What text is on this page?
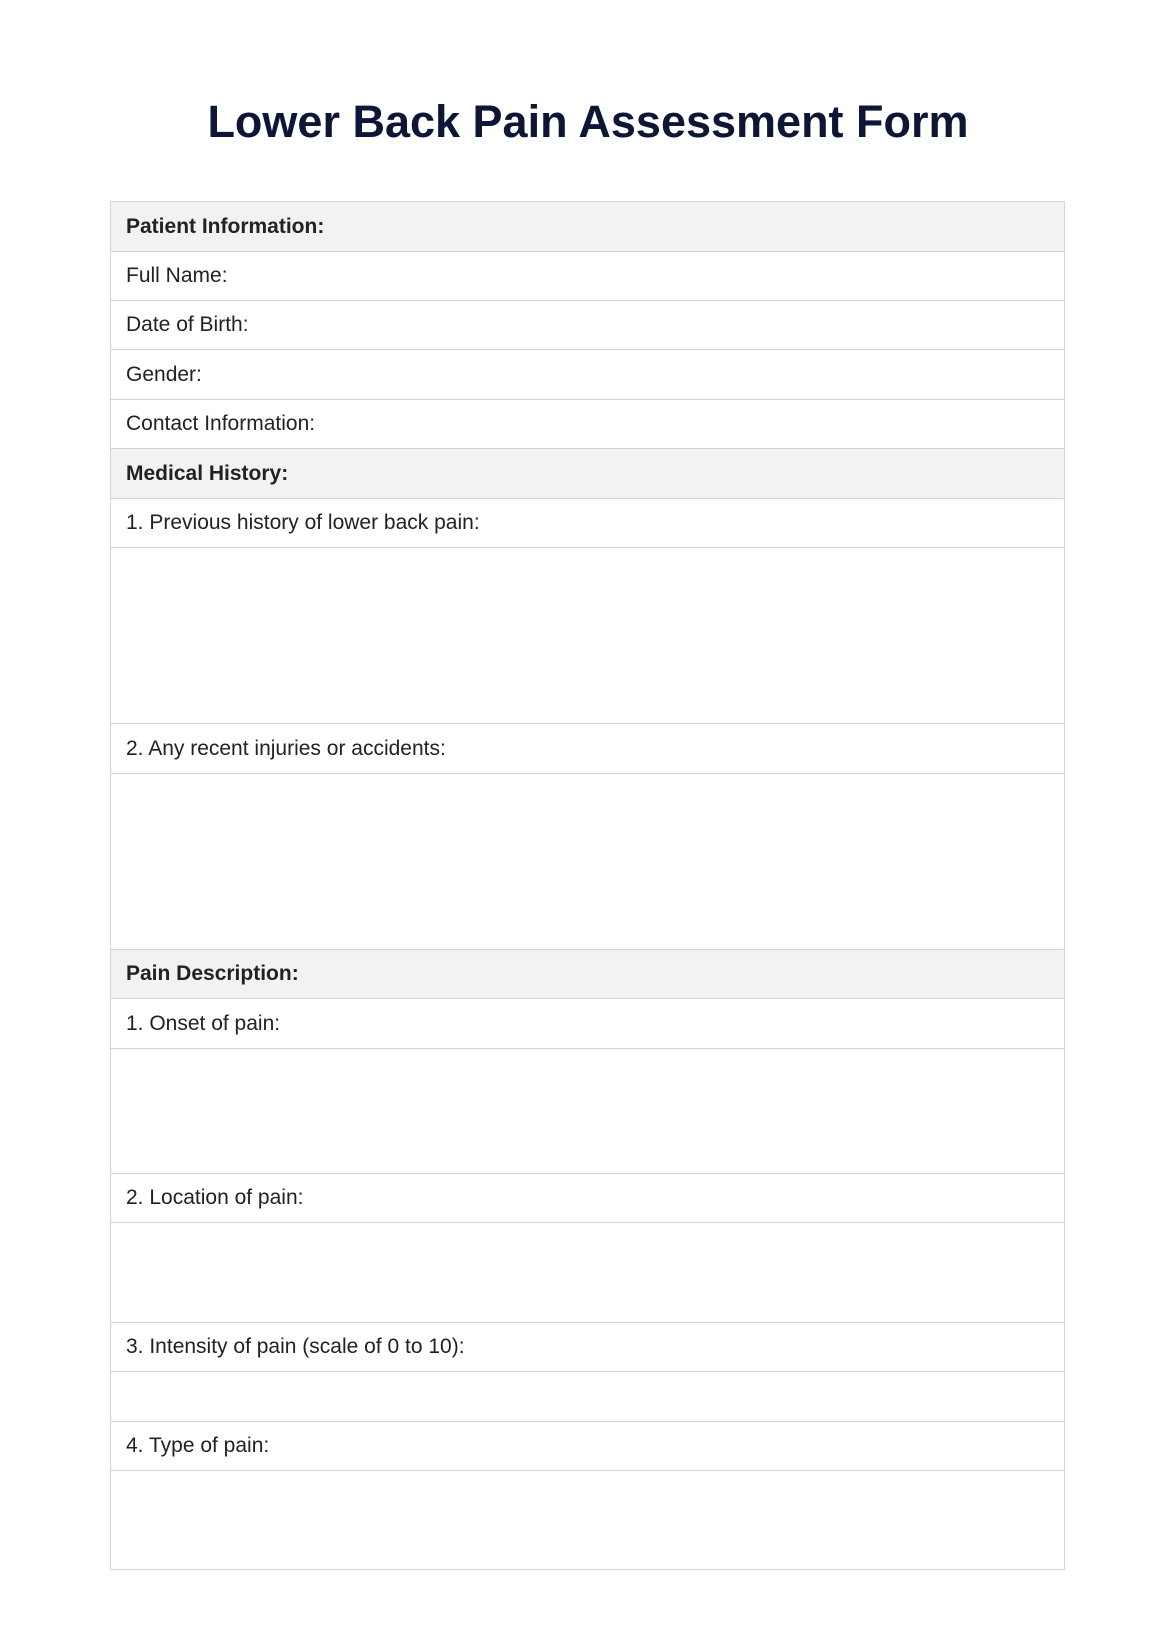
Lower Back Pain Assessment Form
Patient Information:
Full Name:
Date of Birth:
Gender:
Contact Information:
Medical History:
1. Previous history of lower back pain:
2. Any recent injuries or accidents:
Pain Description:
1. Onset of pain:
2. Location of pain:
3. Intensity of pain (scale of 0 to 10):
4. Type of pain:
